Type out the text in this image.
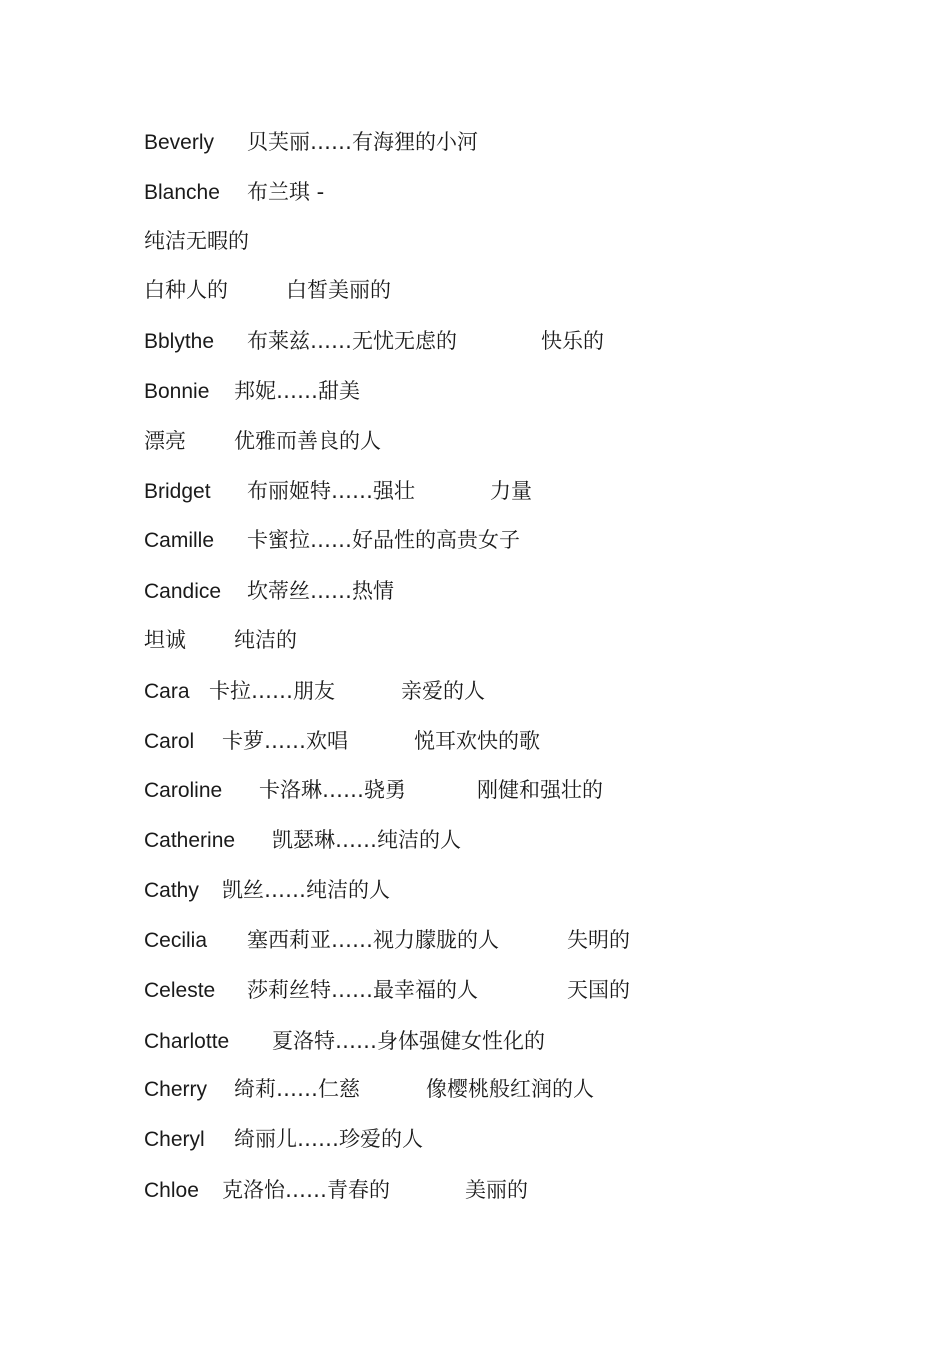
Beverly 贝芙丽……有海狸的小河
Blanche 布兰琪 -
纯洁无暇的
白种人的	白皙美丽的
Bblythe 布莱兹……无忧无虑的	快乐的
Bonnie 邦妮……甜美
漂亮 优雅而善良的人
Bridget 布丽姬特……强壮	力量
Camille 卡蜜拉……好品性的高贵女子
Candice 坎蒂丝……热情
坦诚 纯洁的
Cara 卡拉……朋友	亲爱的人
Carol 卡萝……欢唱	悦耳欢快的歌
Caroline 卡洛琳……骁勇	刚健和强壮的
Catherine 凯瑟琳……纯洁的人
Cathy 凯丝……纯洁的人
Cecilia 塞西莉亚……视力朦胧的人	失明的
Celeste 莎莉丝特……最幸福的人	天国的
Charlotte 夏洛特……身体强健女性化的
Cherry 绮莉……仁慈	像樱桃般红润的人
Cheryl 绮丽儿……珍爱的人
Chloe 克洛怡……青春的	美丽的
